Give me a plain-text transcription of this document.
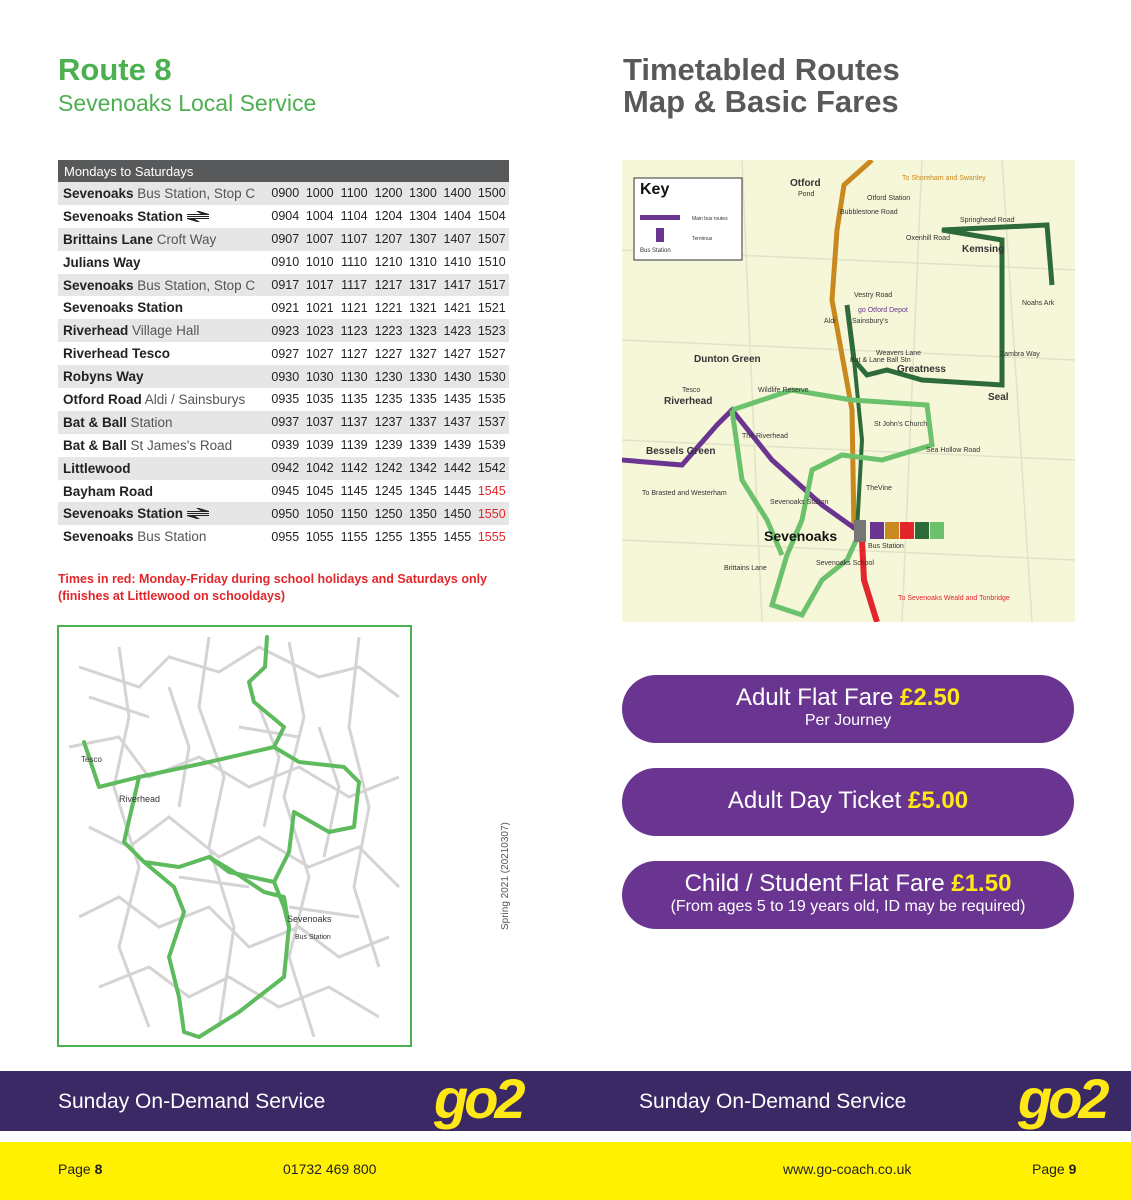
Route 8
Sevenoaks Local Service
Mondays to Saturdays							
Sevenoaks Bus Station, Stop C	0900	1000	1100	1200	1300	1400	1500
Sevenoaks Station	0904	1004	1104	1204	1304	1404	1504
Brittains Lane Croft Way	0907	1007	1107	1207	1307	1407	1507
Julians Way	0910	1010	1110	1210	1310	1410	1510
Sevenoaks Bus Station, Stop C	0917	1017	1117	1217	1317	1417	1517
Sevenoaks Station	0921	1021	1121	1221	1321	1421	1521
Riverhead Village Hall	0923	1023	1123	1223	1323	1423	1523
Riverhead Tesco	0927	1027	1127	1227	1327	1427	1527
Robyns Way	0930	1030	1130	1230	1330	1430	1530
Otford Road Aldi / Sainsburys	0935	1035	1135	1235	1335	1435	1535
Bat & Ball Station	0937	1037	1137	1237	1337	1437	1537
Bat & Ball St James's Road	0939	1039	1139	1239	1339	1439	1539
Littlewood	0942	1042	1142	1242	1342	1442	1542
Bayham Road	0945	1045	1145	1245	1345	1445	1545
Sevenoaks Station	0950	1050	1150	1250	1350	1450	1550
Sevenoaks Bus Station	0955	1055	1155	1255	1355	1455	1555
Times in red: Monday-Friday during school holidays and Saturdays only (finishes at Littlewood on schooldays)
Tesco
Riverhead
Sevenoaks
Bus Station
Spring 2021 (20210307)
Timetabled Routes
Map & Basic Fares
Key
Main bus routes
Terminus
Bus Station
Otford
Kemsing
Dunton Green
Riverhead
Greatness
Seal
Bessels Green
Sevenoaks
Pond
Otford Station
Bubblestone Road
Springhead Road
Oxenhill Road
Noahs Ark
Vestry Road
go Otford Depot
Aldi Sainsbury's
Tesco	Wildlife Reserve
Bat & Lane Ball Stn
Weavers Lane	Zambra Way
The Riverhead
St John's Church
Sea Hollow Road
To Brasted and Westerham
TheVine
Sevenoaks Station
Bus Station
Brittains Lane
Sevenoaks School
To Sevenoaks Weald and Tonbridge
To Shoreham and Swanley
Adult Flat Fare £2.50
Per Journey
Adult Day Ticket £5.00
Child / Student Flat Fare £1.50
(From ages 5 to 19 years old, ID may be required)
Sunday On-Demand Service go2	Sunday On-Demand Service go2
Page 8	01732 469 800	www.go-coach.co.uk	Page 9
